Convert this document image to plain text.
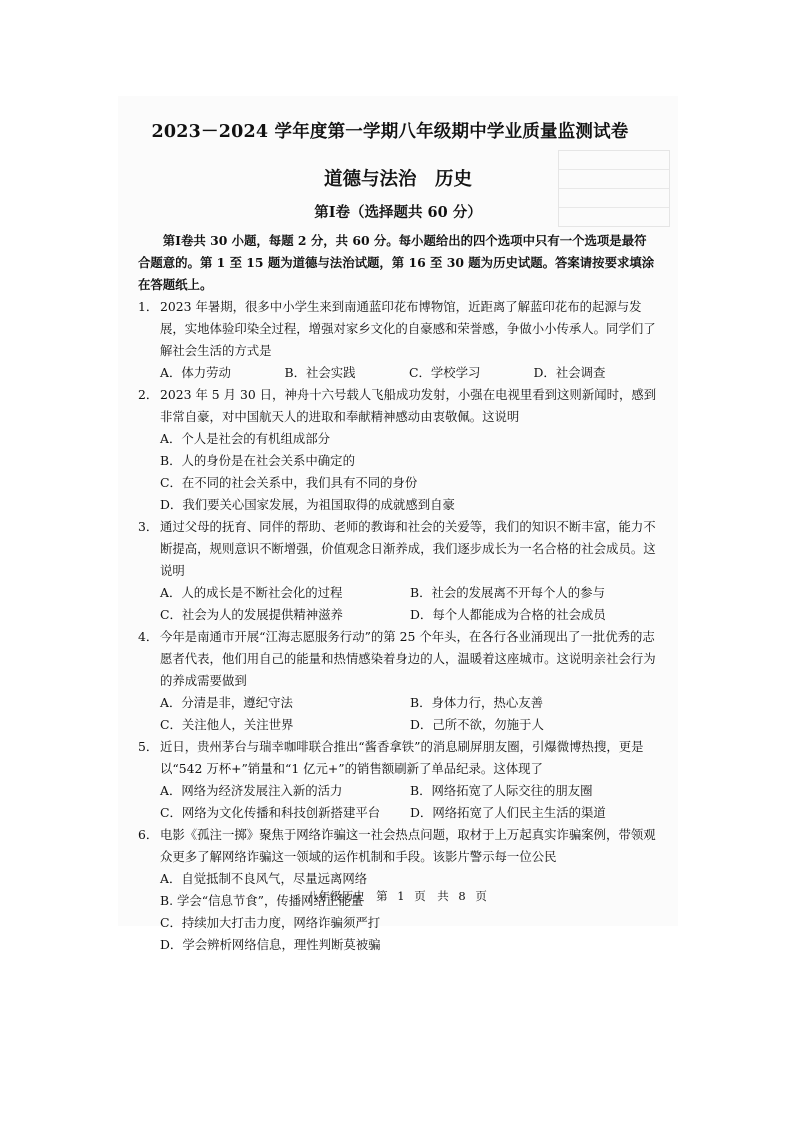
2023－2024 学年度第一学期八年级期中学业质量监测试卷
道德与法治　历史
第Ⅰ卷（选择题共 60 分）

第Ⅰ卷共 30 小题，每题 2 分，共 60 分。每小题给出的四个选项中只有一个选项是最符合题意的。第 1 至 15 题为道德与法治试题，第 16 至 30 题为历史试题。答案请按要求填涂在答题纸上。

1． 2023 年暑期，很多中小学生来到南通蓝印花布博物馆，近距离了解蓝印花布的起源与发展，实地体验印染全过程，增强对家乡文化的自豪感和荣誉感，争做小小传承人。同学们了解社会生活的方式是
A．体力劳动	B．社会实践	C．学校学习	D．社会调查
2． 2023 年 5 月 30 日，神舟十六号载人飞船成功发射，小强在电视里看到这则新闻时，感到非常自豪，对中国航天人的进取和奉献精神感动由衷敬佩。这说明
A．个人是社会的有机组成部分
B．人的身份是在社会关系中确定的
C．在不同的社会关系中，我们具有不同的身份
D．我们要关心国家发展，为祖国取得的成就感到自豪
3． 通过父母的抚育、同伴的帮助、老师的教诲和社会的关爱等，我们的知识不断丰富，能力不断提高，规则意识不断增强，价值观念日渐养成，我们逐步成长为一名合格的社会成员。这说明
A．人的成长是不断社会化的过程	B．社会的发展离不开每个人的参与
C．社会为人的发展提供精神滋养	D．每个人都能成为合格的社会成员
4． 今年是南通市开展“江海志愿服务行动”的第 25 个年头，在各行各业涌现出了一批优秀的志愿者代表，他们用自己的能量和热情感染着身边的人，温暖着这座城市。这说明亲社会行为的养成需要做到
A．分清是非，遵纪守法	B．身体力行，热心友善
C．关注他人，关注世界	D．己所不欲，勿施于人
5． 近日，贵州茅台与瑞幸咖啡联合推出“酱香拿铁”的消息刷屏朋友圈，引爆微博热搜，更是以“542 万杯+”销量和“1 亿元+”的销售额刷新了单品纪录。这体现了
A．网络为经济发展注入新的活力	B．网络拓宽了人际交往的朋友圈
C．网络为文化传播和科技创新搭建平台	D．网络拓宽了人们民主生活的渠道
6． 电影《孤注一掷》聚焦于网络诈骗这一社会热点问题，取材于上万起真实诈骗案例，带领观众更多了解网络诈骗这一领域的运作机制和手段。该影片警示每一位公民
A．自觉抵制不良风气，尽量远离网络
B. 学会“信息节食”，传播网络正能量
C．持续加大打击力度，网络诈骗须严打
D．学会辨析网络信息，理性判断莫被骗
八年级历史　第 1 页　共 8 页
